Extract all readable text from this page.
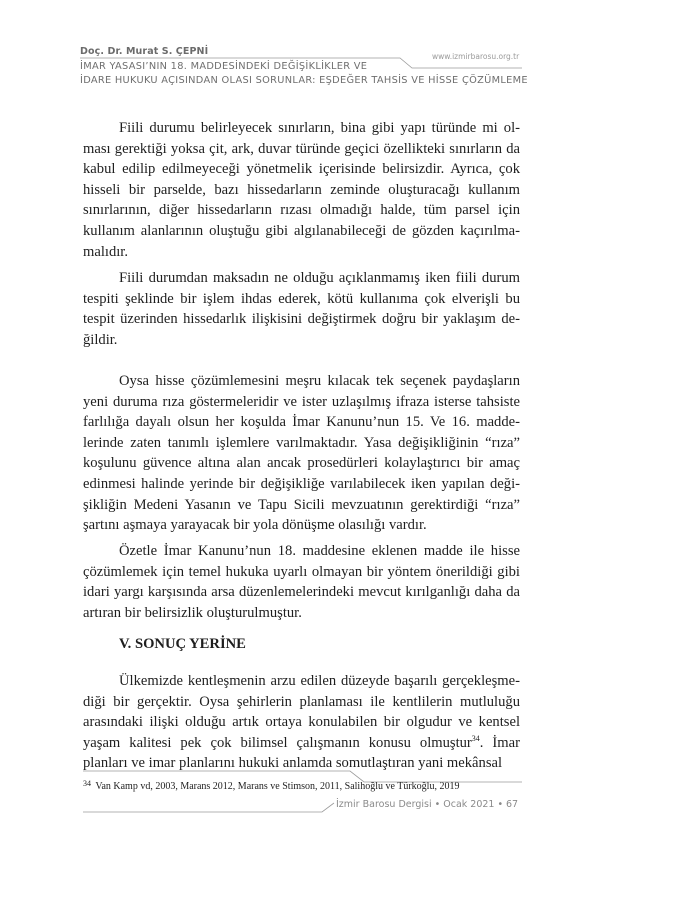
Doç. Dr. Murat S. ÇEPNİ	www.izmirbarosu.org.tr
İMAR YASASI’NIN 18. MADDESİNDEKİ DEĞİŞİKLİKLER VE
İDARE HUKUKU AÇISINDAN OLASI SORUNLAR: EŞDEĞER TAHSİS VE HİSSE ÇÖZÜMLEME

Fiili durumu belirleyecek sınırların, bina gibi yapı türünde mi olması gerektiği yoksa çit, ark, duvar türünde geçici özellikteki sınırların da kabul edilip edilmeyeceği yönetmelik içerisinde belirsizdir. Ayrıca, çok hisseli bir parselde, bazı hissedarların zeminde oluşturacağı kullanım sınırlarının, diğer hissedarların rızası olmadığı halde, tüm parsel için kullanım alanlarının oluştuğu gibi algılanabileceği de gözden kaçırılmamalıdır.

Fiili durumdan maksadın ne olduğu açıklanmamış iken fiili durum tespiti şeklinde bir işlem ihdas ederek, kötü kullanıma çok elverişli bu tespit üzerinden hissedarlık ilişkisini değiştirmek doğru bir yaklaşım değildir.

Oysa hisse çözümlemesini meşru kılacak tek seçenek paydaşların yeni duruma rıza göstermeleridir ve ister uzlaşılmış ifraza isterse tahsiste farlılığa dayalı olsun her koşulda İmar Kanunu’nun 15. Ve 16. maddelerinde zaten tanımlı işlemlere varılmaktadır. Yasa değişikliğinin “rıza” koşulunu güvence altına alan ancak prosedürleri kolaylaştırıcı bir amaç edinmesi halinde yerinde bir değişikliğe varılabilecek iken yapılan değişikliğin Medeni Yasanın ve Tapu Sicili mevzuatının gerektirdiği “rıza” şartını aşmaya yarayacak bir yola dönüşme olasılığı vardır.

Özetle İmar Kanunu’nun 18. maddesine eklenen madde ile hisse çözümlemek için temel hukuka uyarlı olmayan bir yöntem önerildiği gibi idari yargı karşısında arsa düzenlemelerindeki mevcut kırılganlığı daha da artıran bir belirsizlik oluşturulmuştur.

V. SONUÇ YERİNE

Ülkemizde kentleşmenin arzu edilen düzeyde başarılı gerçekleşmediği bir gerçektir. Oysa şehirlerin planlaması ile kentlilerin mutluluğu arasındaki ilişki olduğu artık ortaya konulabilen bir olgudur ve kentsel yaşam kalitesi pek çok bilimsel çalışmanın konusu olmuştur$^{34}$. İmar planları ve imar planlarını hukuki anlamda somutlaştıran yani mekânsal

$^{34}$ Van Kamp vd, 2003, Marans 2012, Marans ve Stimson, 2011, Salihoğlu ve Türkoğlu, 2019
İzmir Barosu Dergisi • Ocak 2021 • 67
